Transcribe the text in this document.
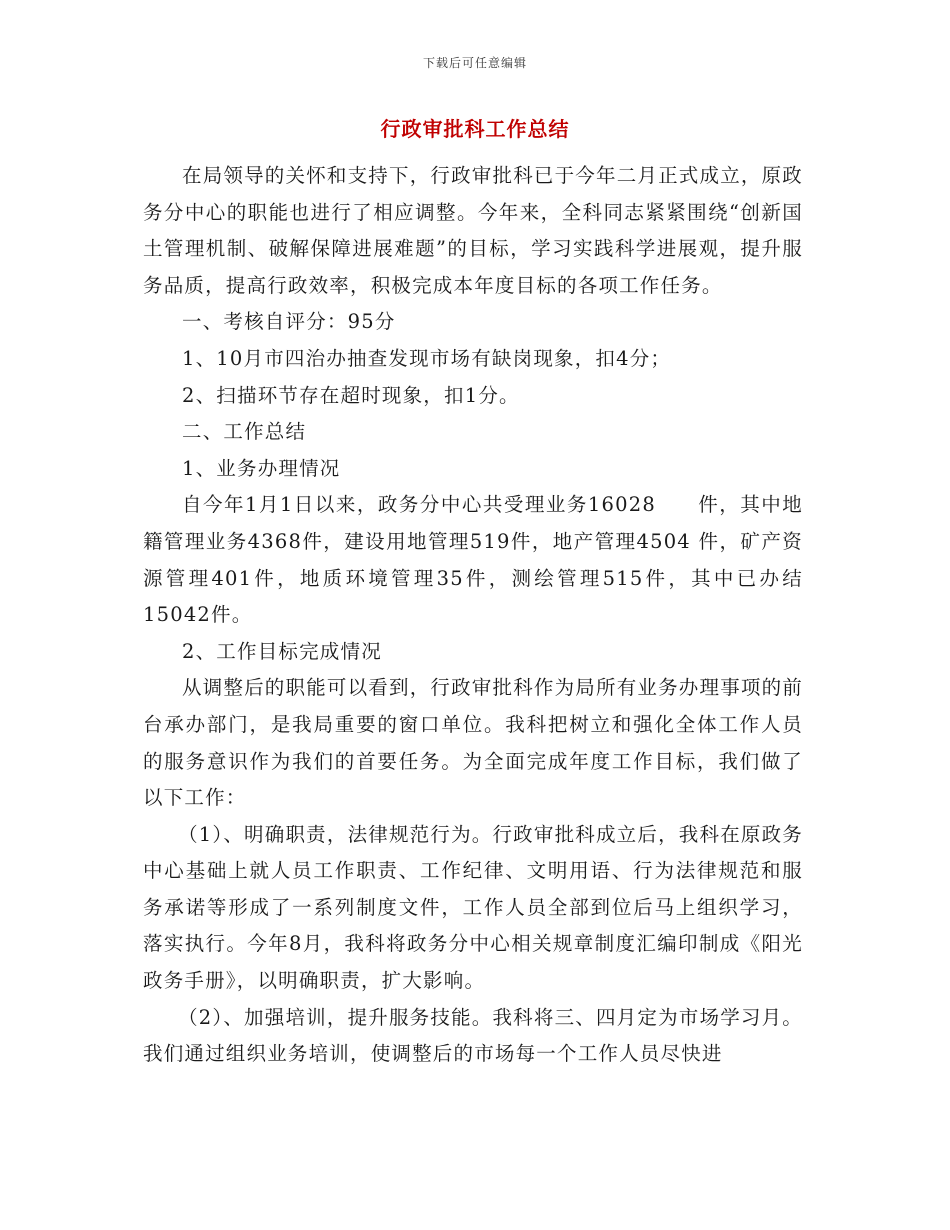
下载后可任意编辑
行政审批科工作总结

在局领导的关怀和支持下，行政审批科已于今年二月正式成立，原政务分中心的职能也进行了相应调整。今年来，全科同志紧紧围绕“创新国土管理机制、破解保障进展难题”的目标，学习实践科学进展观，提升服务品质，提高行政效率，积极完成本年度目标的各项工作任务。

一、考核自评分：95分

1、10月市四治办抽查发现市场有缺岗现象，扣4分；

2、扫描环节存在超时现象，扣1分。

二、工作总结

1、业务办理情况

自今年1月1日以来，政务分中心共受理业务16028　　件，其中地籍管理业务4368件，建设用地管理519件，地产管理4504 件，矿产资源管理401件，地质环境管理35件，测绘管理515件，其中已办结15042件。

2、工作目标完成情况

从调整后的职能可以看到，行政审批科作为局所有业务办理事项的前台承办部门，是我局重要的窗口单位。我科把树立和强化全体工作人员的服务意识作为我们的首要任务。为全面完成年度工作目标，我们做了以下工作：

（1）、明确职责，法律规范行为。行政审批科成立后，我科在原政务中心基础上就人员工作职责、工作纪律、文明用语、行为法律规范和服务承诺等形成了一系列制度文件，工作人员全部到位后马上组织学习，落实执行。今年8月，我科将政务分中心相关规章制度汇编印制成《阳光政务手册》，以明确职责，扩大影响。

（2）、加强培训，提升服务技能。我科将三、四月定为市场学习月。我们通过组织业务培训，使调整后的市场每一个工作人员尽快进
